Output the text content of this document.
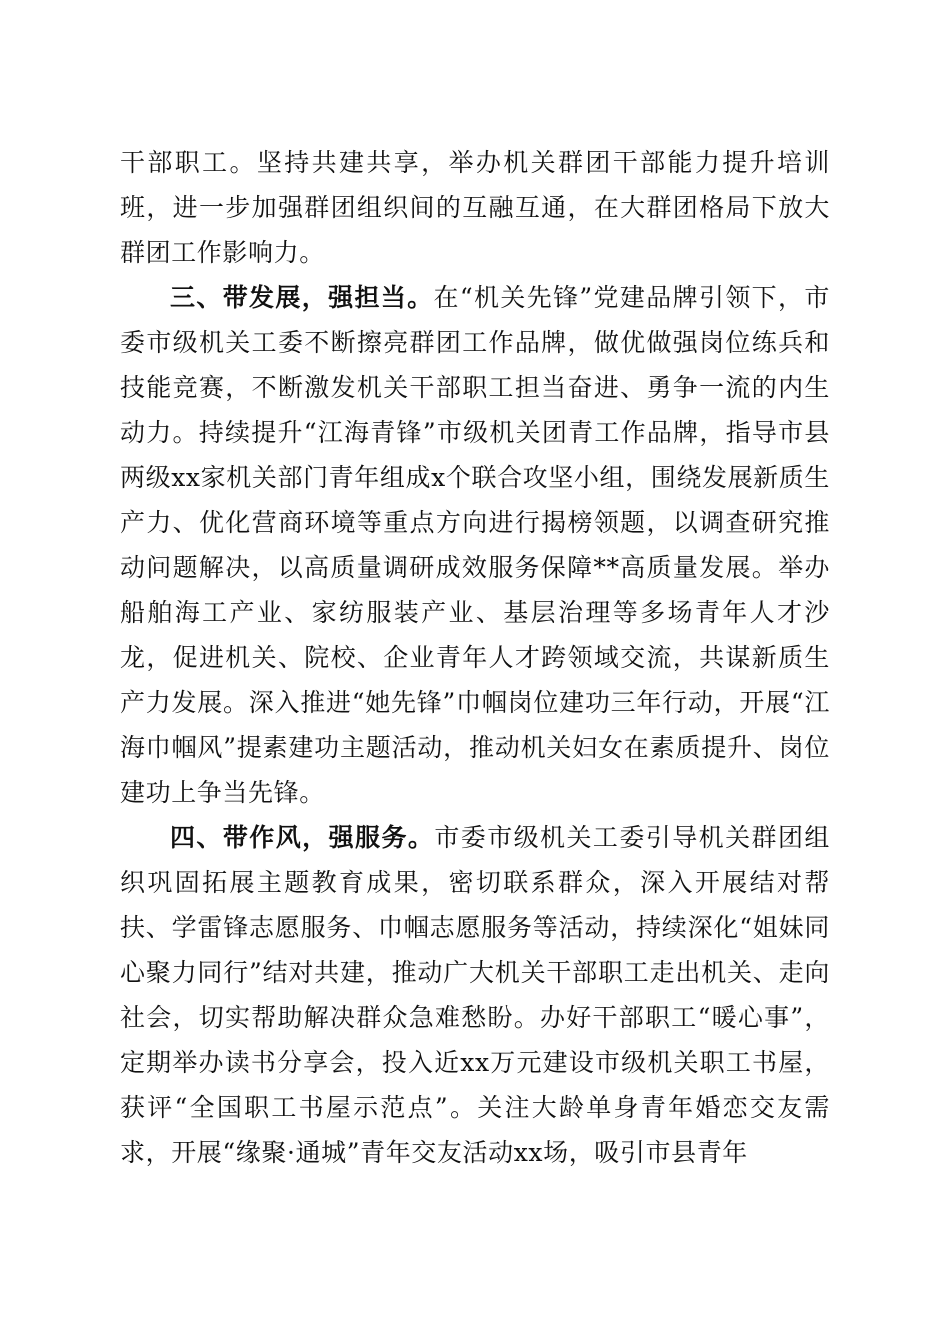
干部职工。坚持共建共享，举办机关群团干部能力提升培训班，进一步加强群团组织间的互融互通，在大群团格局下放大群团工作影响力。

三、带发展，强担当。在“机关先锋”党建品牌引领下，市委市级机关工委不断擦亮群团工作品牌，做优做强岗位练兵和技能竞赛，不断激发机关干部职工担当奋进、勇争一流的内生动力。持续提升“江海青锋”市级机关团青工作品牌，指导市县两级xx家机关部门青年组成x个联合攻坚小组，围绕发展新质生产力、优化营商环境等重点方向进行揭榜领题，以调查研究推动问题解决，以高质量调研成效服务保障**高质量发展。举办船舶海工产业、家纺服装产业、基层治理等多场青年人才沙龙，促进机关、院校、企业青年人才跨领域交流，共谋新质生产力发展。深入推进“她先锋”巾帼岗位建功三年行动，开展“江海巾帼风”提素建功主题活动，推动机关妇女在素质提升、岗位建功上争当先锋。

四、带作风，强服务。市委市级机关工委引导机关群团组织巩固拓展主题教育成果，密切联系群众，深入开展结对帮扶、学雷锋志愿服务、巾帼志愿服务等活动，持续深化“姐妹同心聚力同行”结对共建，推动广大机关干部职工走出机关、走向社会，切实帮助解决群众急难愁盼。办好干部职工“暖心事”，定期举办读书分享会，投入近xx万元建设市级机关职工书屋，获评“全国职工书屋示范点”。关注大龄单身青年婚恋交友需求，开展“缘聚·通城”青年交友活动xx场，吸引市县青年
